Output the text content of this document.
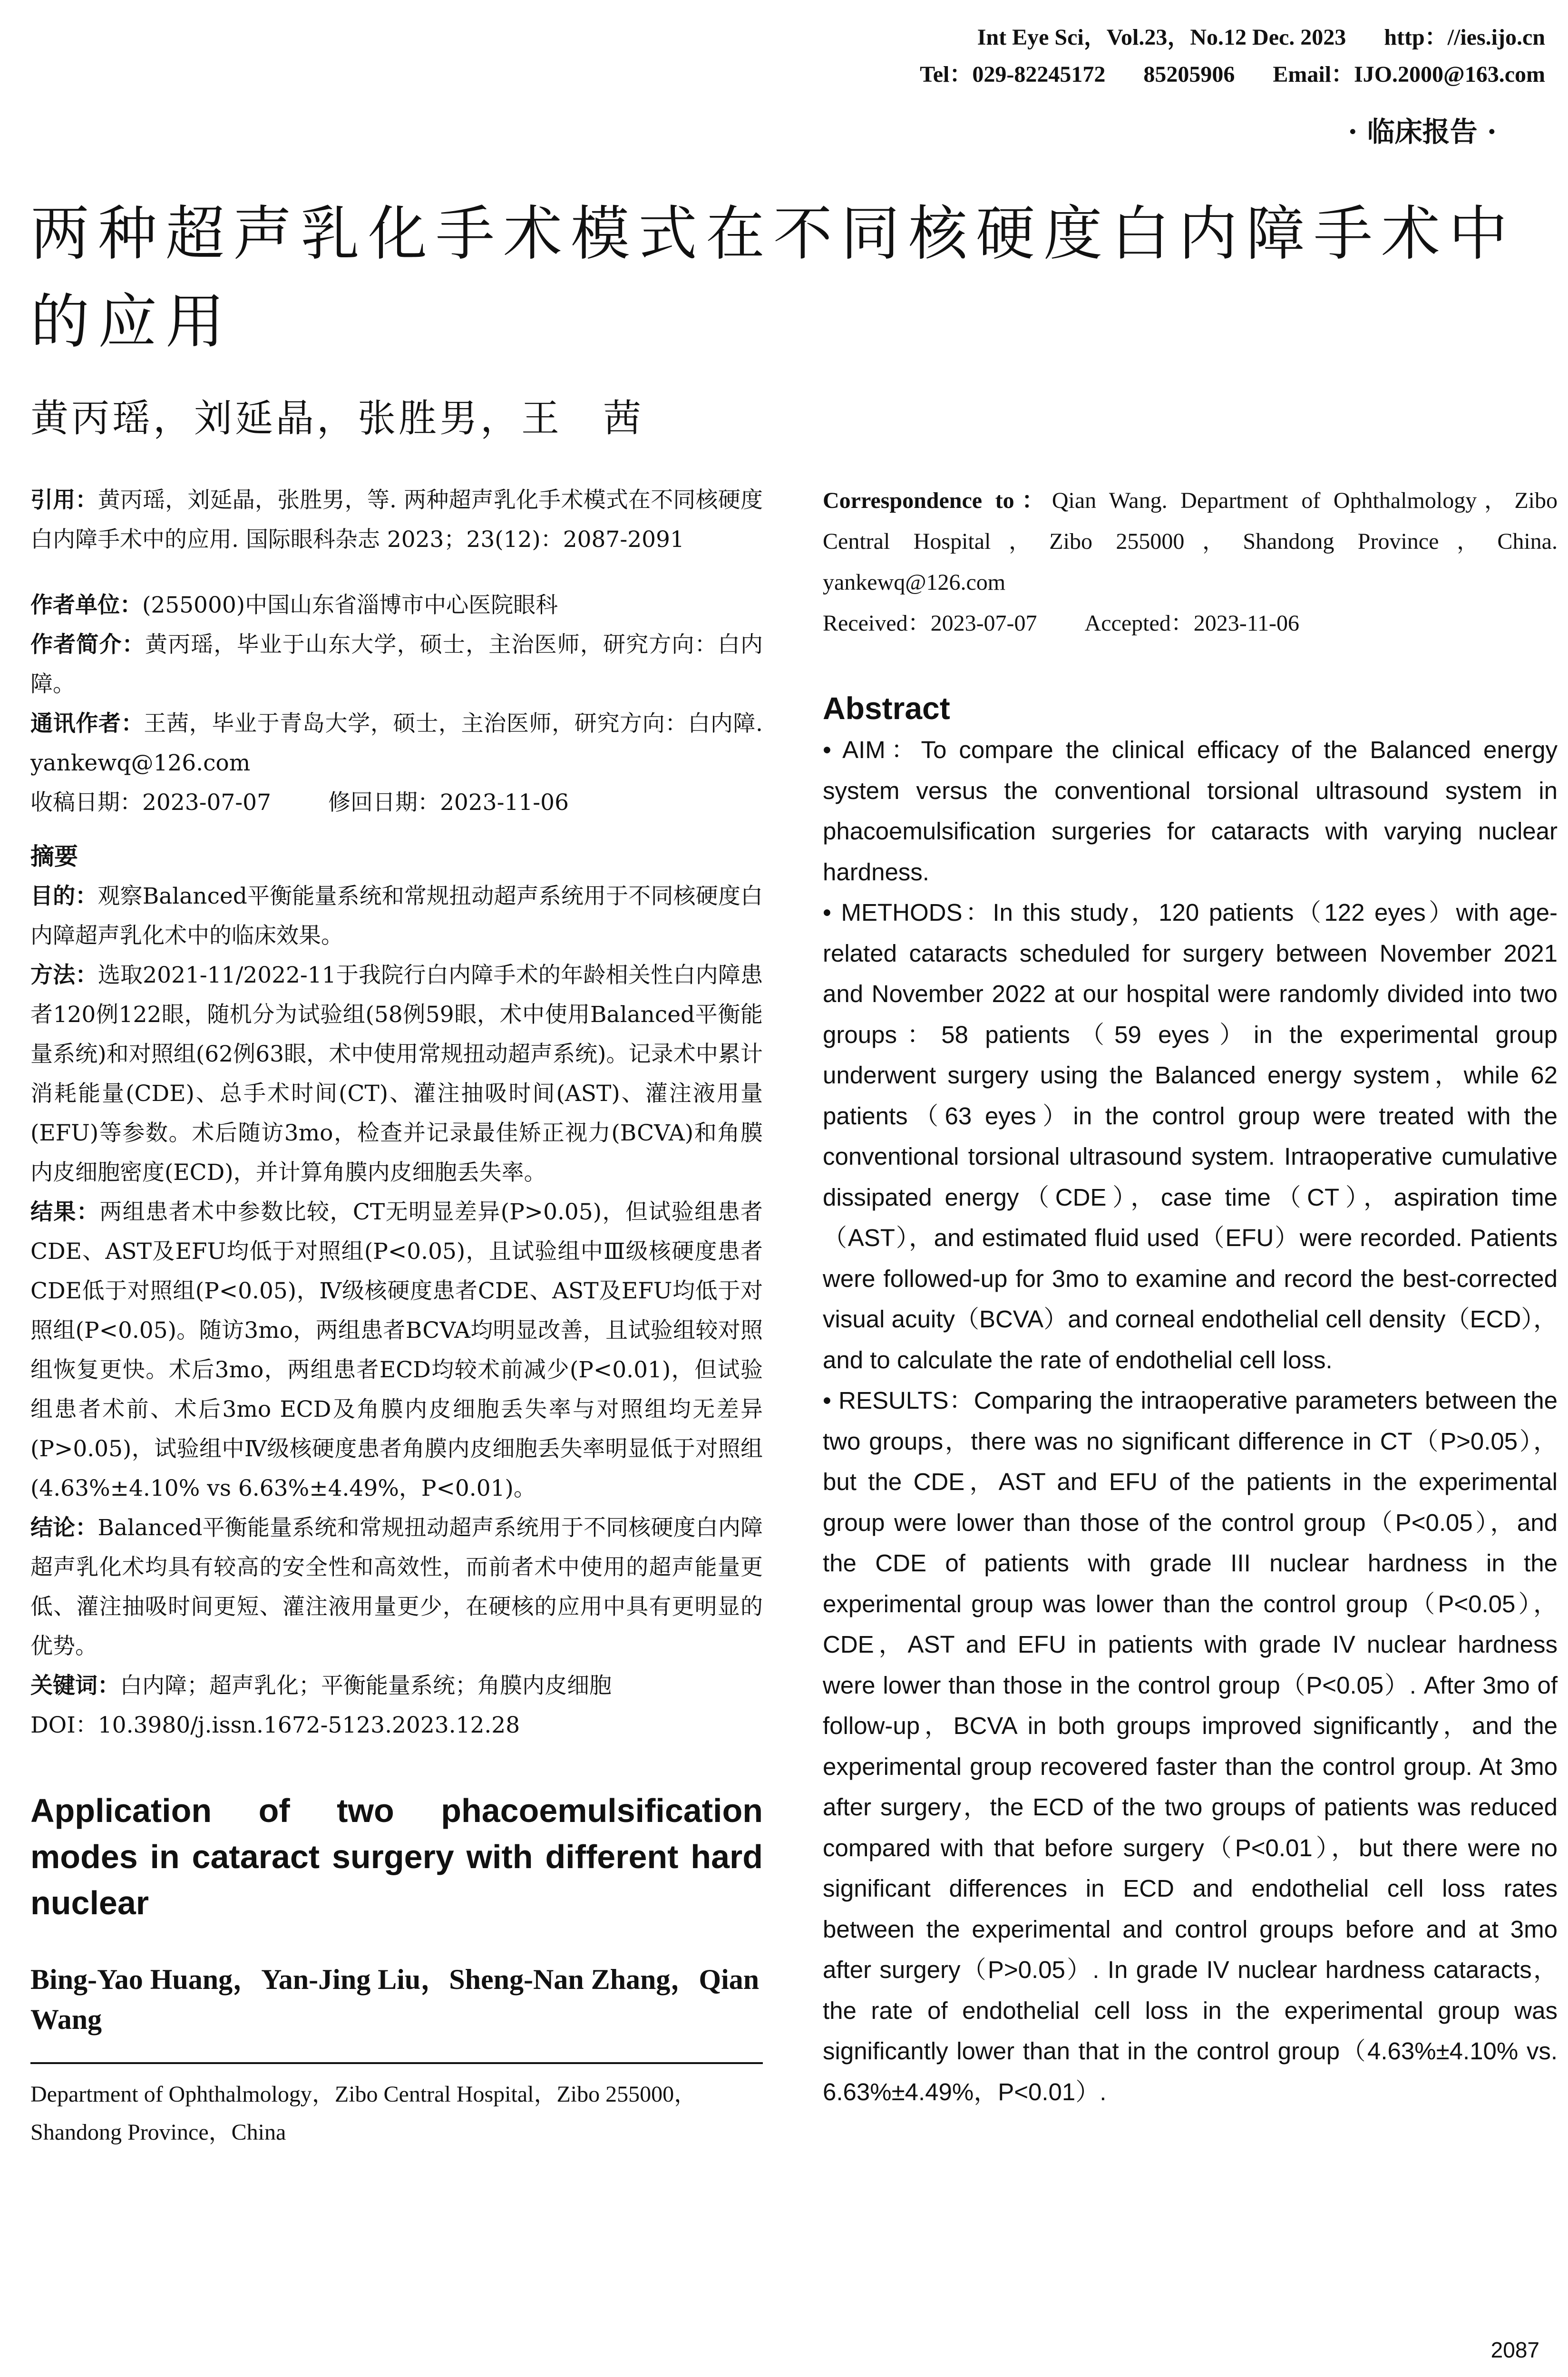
Int Eye Sci，Vol.23，No.12 Dec. 2023 http：//ies.ijo.cn
Tel：029-82245172 85205906 Email：IJO.2000@163.com
· 临床报告 ·
两种超声乳化手术模式在不同核硬度白内障手术中的应用
黄丙瑶，刘延晶，张胜男，王　茜

引用：黄丙瑶，刘延晶，张胜男，等. 两种超声乳化手术模式在不同核硬度白内障手术中的应用. 国际眼科杂志 2023；23(12)：2087-2091

作者单位：(255000)中国山东省淄博市中心医院眼科

作者简介：黄丙瑶，毕业于山东大学，硕士，主治医师，研究方向：白内障。

通讯作者：王茜，毕业于青岛大学，硕士，主治医师，研究方向：白内障. yankewq@126.com

收稿日期：2023-07-07	修回日期：2023-11-06

摘要

目的：观察Balanced平衡能量系统和常规扭动超声系统用于不同核硬度白内障超声乳化术中的临床效果。

方法：选取2021-11/2022-11于我院行白内障手术的年龄相关性白内障患者120例122眼，随机分为试验组(58例59眼，术中使用Balanced平衡能量系统)和对照组(62例63眼，术中使用常规扭动超声系统)。记录术中累计消耗能量(CDE)、总手术时间(CT)、灌注抽吸时间(AST)、灌注液用量(EFU)等参数。术后随访3mo，检查并记录最佳矫正视力(BCVA)和角膜内皮细胞密度(ECD)，并计算角膜内皮细胞丢失率。

结果：两组患者术中参数比较，CT无明显差异(P>0.05)，但试验组患者CDE、AST及EFU均低于对照组(P<0.05)，且试验组中Ⅲ级核硬度患者CDE低于对照组(P<0.05)，Ⅳ级核硬度患者CDE、AST及EFU均低于对照组(P<0.05)。随访3mo，两组患者BCVA均明显改善，且试验组较对照组恢复更快。术后3mo，两组患者ECD均较术前减少(P<0.01)，但试验组患者术前、术后3mo ECD及角膜内皮细胞丢失率与对照组均无差异(P>0.05)，试验组中Ⅳ级核硬度患者角膜内皮细胞丢失率明显低于对照组(4.63%±4.10% vs 6.63%±4.49%，P<0.01)。

结论：Balanced平衡能量系统和常规扭动超声系统用于不同核硬度白内障超声乳化术均具有较高的安全性和高效性，而前者术中使用的超声能量更低、灌注抽吸时间更短、灌注液用量更少，在硬核的应用中具有更明显的优势。

关键词：白内障；超声乳化；平衡能量系统；角膜内皮细胞

DOI：10.3980/j.issn.1672-5123.2023.12.28

Application of two phacoemulsification modes in cataract surgery with different hard nuclear
Bing-Yao Huang，Yan-Jing Liu，Sheng-Nan Zhang，Qian Wang
Department of Ophthalmology，Zibo Central Hospital，Zibo 255000，Shandong Province，China
Correspondence to：Qian Wang. Department of Ophthalmology，Zibo Central Hospital，Zibo 255000，Shandong Province，China. yankewq@126.com
Received：2023-07-07 Accepted：2023-11-06
Abstract

• AIM：To compare the clinical efficacy of the Balanced energy system versus the conventional torsional ultrasound system in phacoemulsification surgeries for cataracts with varying nuclear hardness.

• METHODS：In this study，120 patients（122 eyes）with age-related cataracts scheduled for surgery between November 2021 and November 2022 at our hospital were randomly divided into two groups：58 patients（59 eyes）in the experimental group underwent surgery using the Balanced energy system，while 62 patients（63 eyes）in the control group were treated with the conventional torsional ultrasound system. Intraoperative cumulative dissipated energy（CDE），case time（CT），aspiration time（AST），and estimated fluid used（EFU）were recorded. Patients were followed-up for 3mo to examine and record the best-corrected visual acuity（BCVA）and corneal endothelial cell density（ECD），and to calculate the rate of endothelial cell loss.

• RESULTS：Comparing the intraoperative parameters between the two groups，there was no significant difference in CT（P>0.05），but the CDE，AST and EFU of the patients in the experimental group were lower than those of the control group（P<0.05），and the CDE of patients with grade III nuclear hardness in the experimental group was lower than the control group（P<0.05），CDE，AST and EFU in patients with grade IV nuclear hardness were lower than those in the control group（P<0.05）. After 3mo of follow-up，BCVA in both groups improved significantly，and the experimental group recovered faster than the control group. At 3mo after surgery，the ECD of the two groups of patients was reduced compared with that before surgery（P<0.01），but there were no significant differences in ECD and endothelial cell loss rates between the experimental and control groups before and at 3mo after surgery（P>0.05）. In grade IV nuclear hardness cataracts，the rate of endothelial cell loss in the experimental group was significantly lower than that in the control group（4.63%±4.10% vs. 6.63%±4.49%，P<0.01）.

2087
